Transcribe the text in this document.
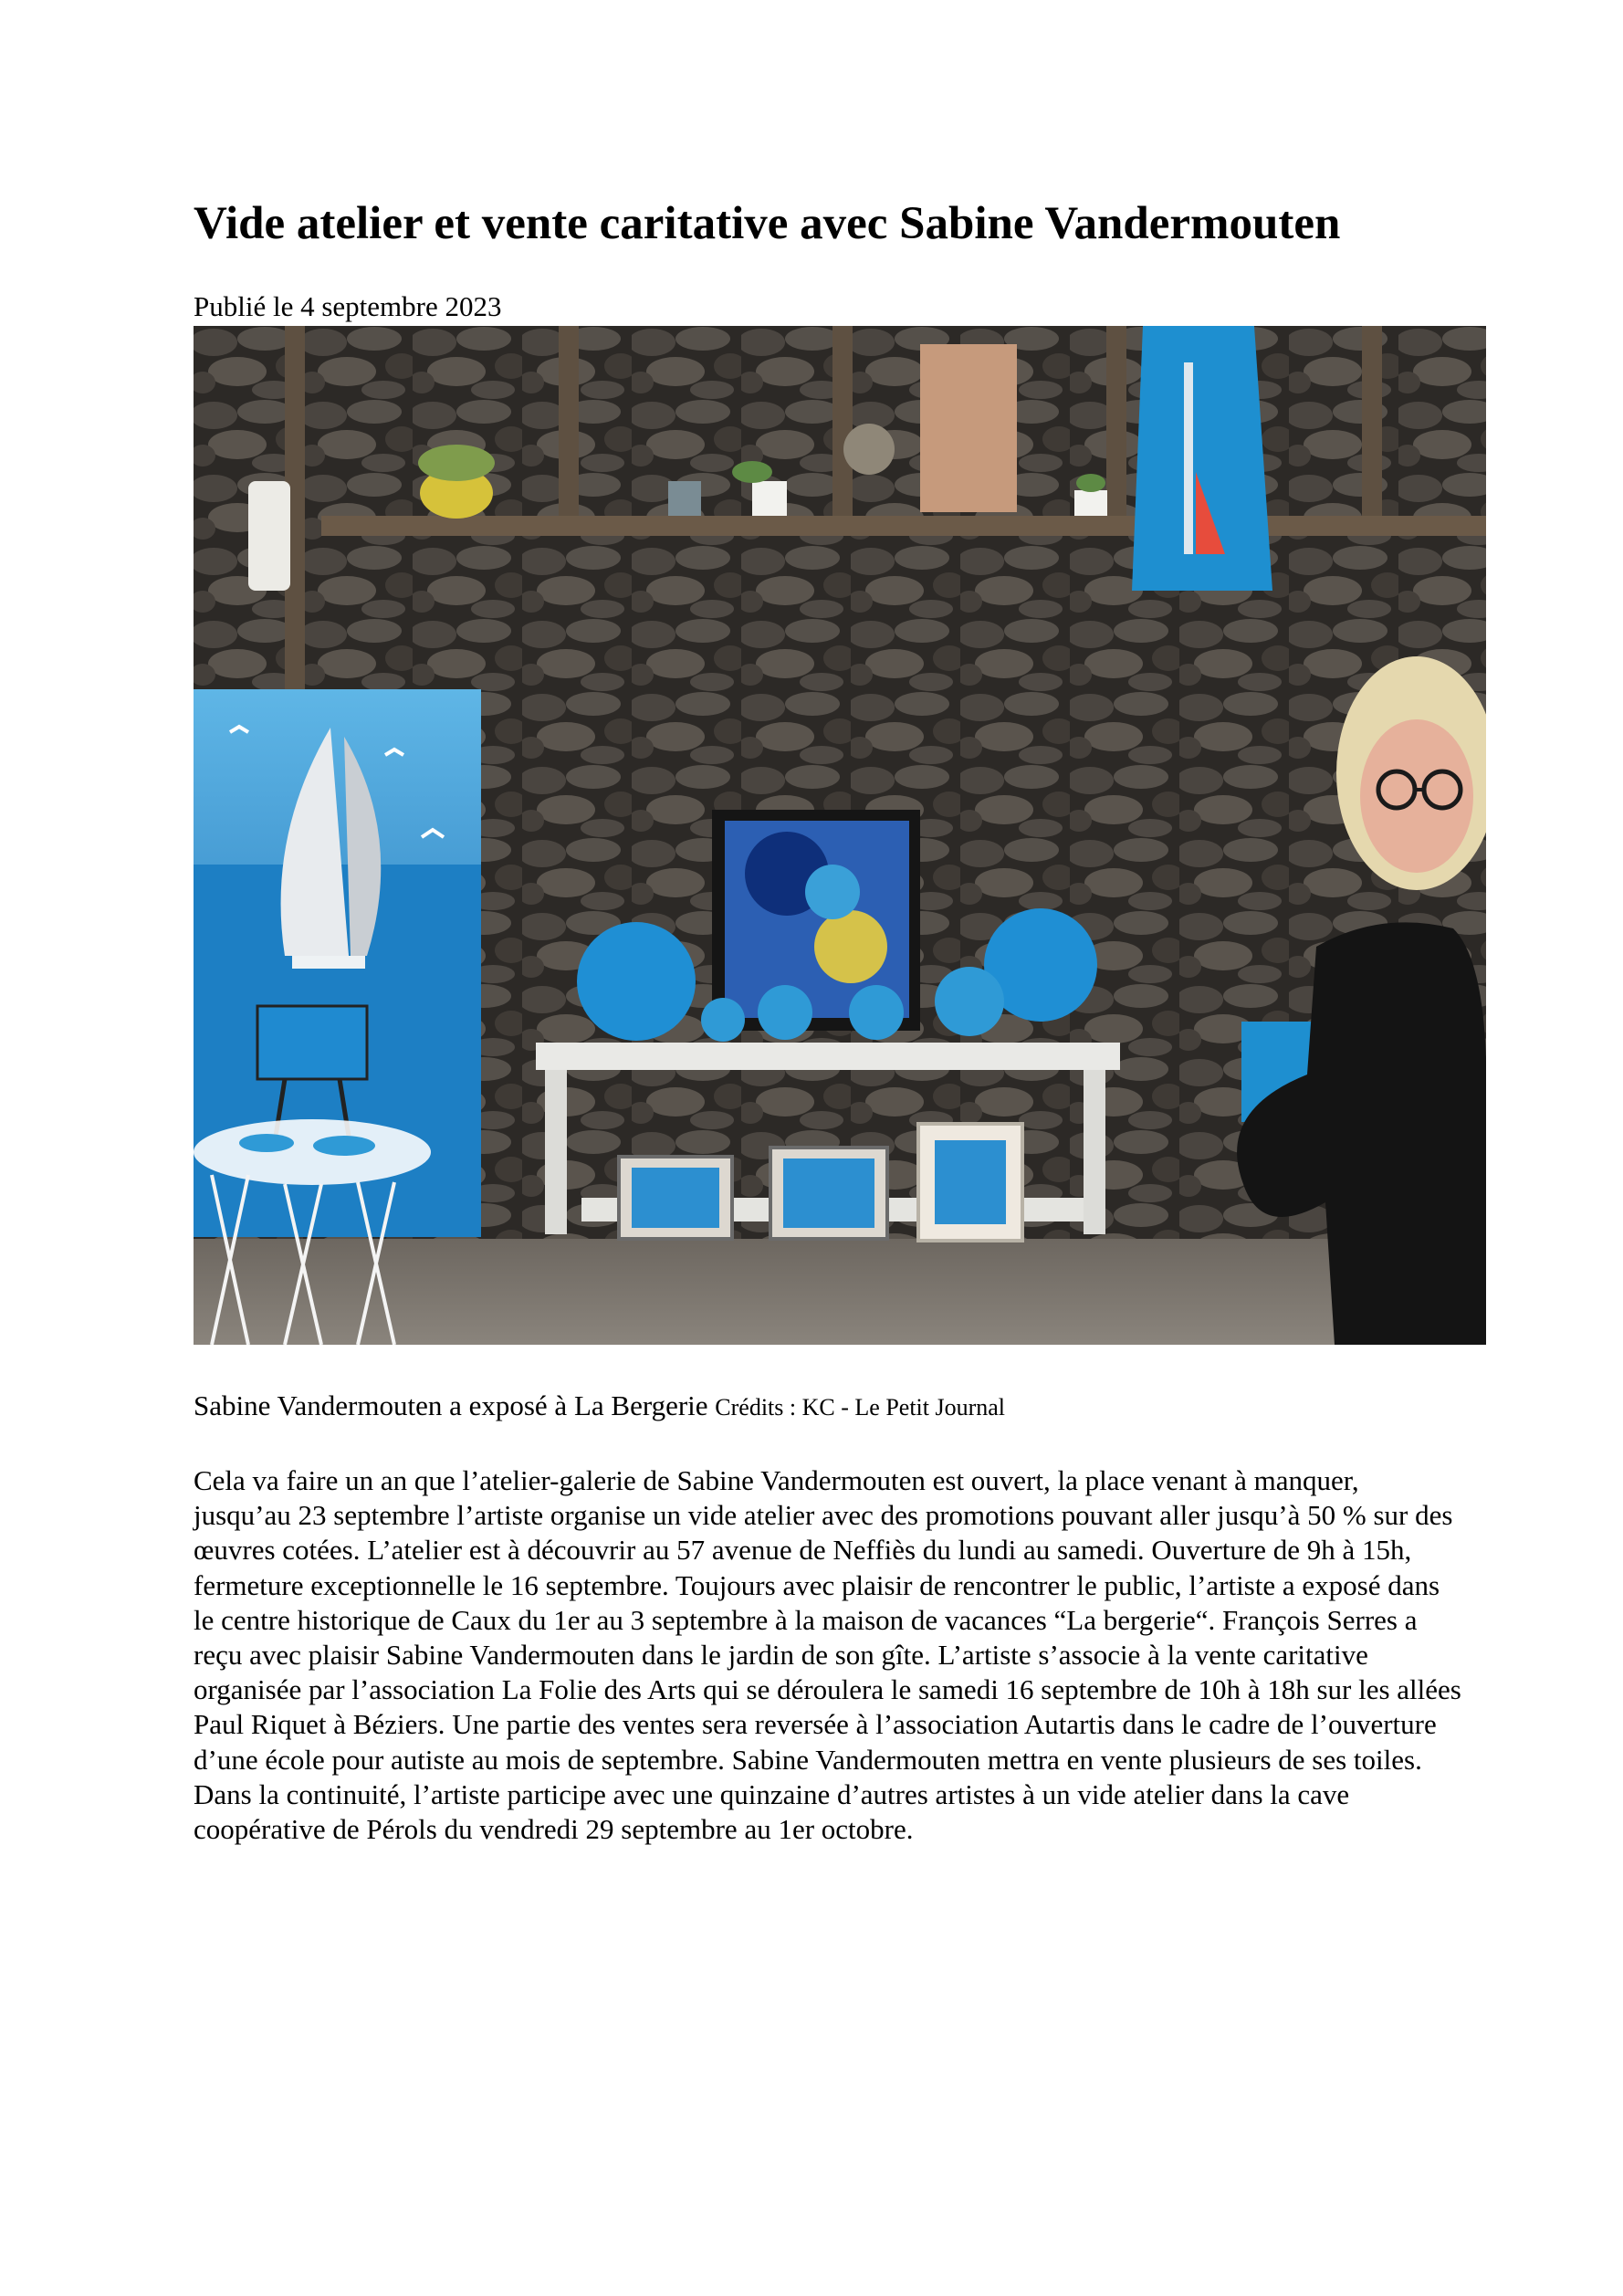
Vide atelier et vente caritative avec Sabine Vandermouten
Publié le 4 septembre 2023
Sabine Vandermouten a exposé à La Bergerie Crédits : KC - Le Petit Journal

Cela va faire un an que l’atelier-galerie de Sabine Vandermouten est ouvert, la place venant à manquer, jusqu’au 23 septembre l’artiste organise un vide atelier avec des promotions pouvant aller jusqu’à 50 % sur des œuvres cotées. L’atelier est à découvrir au 57 avenue de Neffiès du lundi au samedi. Ouverture de 9h à 15h, fermeture exceptionnelle le 16 septembre. Toujours avec plaisir de rencontrer le public, l’artiste a exposé dans le centre historique de Caux du 1er au 3 septembre à la maison de vacances “La bergerie“. François Serres a reçu avec plaisir Sabine Vandermouten dans le jardin de son gîte. L’artiste s’associe à la vente caritative organisée par l’association La Folie des Arts qui se déroulera le samedi 16 septembre de 10h à 18h sur les allées Paul Riquet à Béziers. Une partie des ventes sera reversée à l’association Autartis dans le cadre de l’ouverture d’une école pour autiste au mois de septembre. Sabine Vandermouten mettra en vente plusieurs de ses toiles. Dans la continuité, l’artiste participe avec une quinzaine d’autres artistes à un vide atelier dans la cave coopérative de Pérols du vendredi 29 septembre au 1er octobre.
